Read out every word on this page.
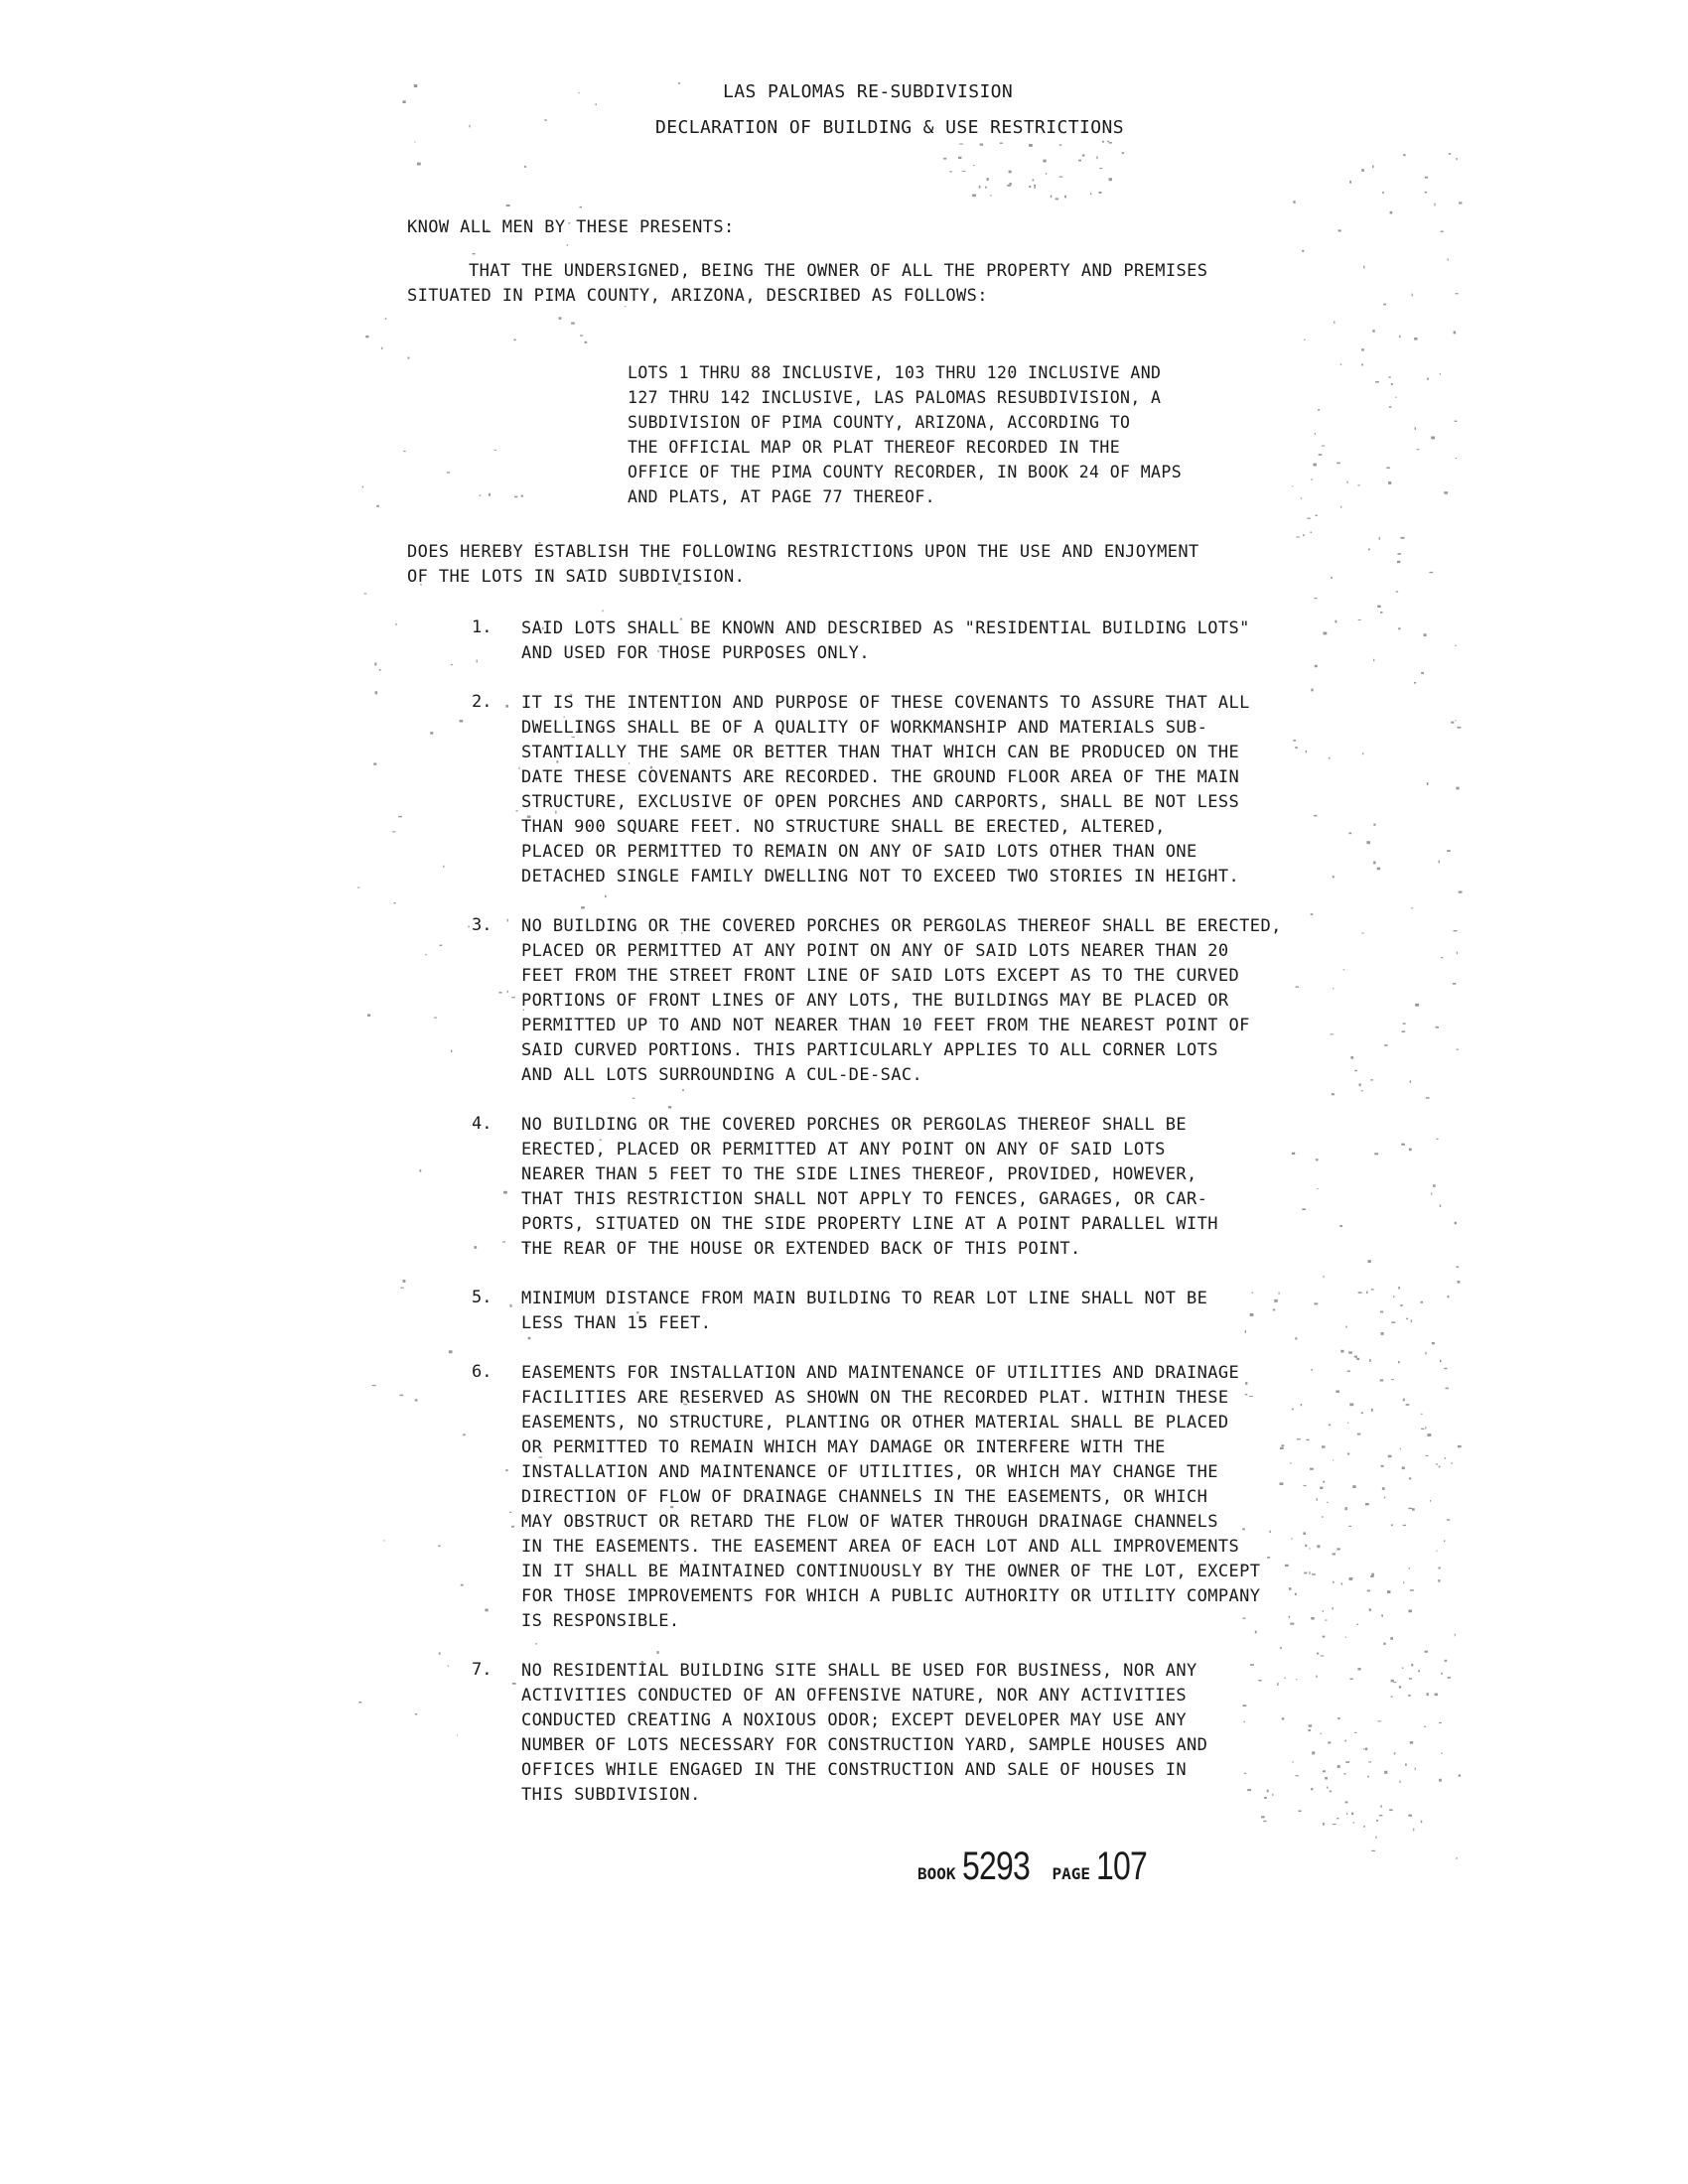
LAS PALOMAS RE-SUBDIVISION
DECLARATION OF BUILDING & USE RESTRICTIONS
KNOW ALL MEN BY THESE PRESENTS:
THAT THE UNDERSIGNED, BEING THE OWNER OF ALL THE PROPERTY AND PREMISES
SITUATED IN PIMA COUNTY, ARIZONA, DESCRIBED AS FOLLOWS:
LOTS 1 THRU 88 INCLUSIVE, 103 THRU 120 INCLUSIVE AND
127 THRU 142 INCLUSIVE, LAS PALOMAS RESUBDIVISION, A
SUBDIVISION OF PIMA COUNTY, ARIZONA, ACCORDING TO
THE OFFICIAL MAP OR PLAT THEREOF RECORDED IN THE
OFFICE OF THE PIMA COUNTY RECORDER, IN BOOK 24 OF MAPS
AND PLATS, AT PAGE 77 THEREOF.
DOES HEREBY ESTABLISH THE FOLLOWING RESTRICTIONS UPON THE USE AND ENJOYMENT
OF THE LOTS IN SAID SUBDIVISION.
1. SAID LOTS SHALL BE KNOWN AND DESCRIBED AS "RESIDENTIAL BUILDING LOTS"
AND USED FOR THOSE PURPOSES ONLY.
2. IT IS THE INTENTION AND PURPOSE OF THESE COVENANTS TO ASSURE THAT ALL
DWELLINGS SHALL BE OF A QUALITY OF WORKMANSHIP AND MATERIALS SUB-
STANTIALLY THE SAME OR BETTER THAN THAT WHICH CAN BE PRODUCED ON THE
DATE THESE COVENANTS ARE RECORDED. THE GROUND FLOOR AREA OF THE MAIN
STRUCTURE, EXCLUSIVE OF OPEN PORCHES AND CARPORTS, SHALL BE NOT LESS
THAN 900 SQUARE FEET. NO STRUCTURE SHALL BE ERECTED, ALTERED,
PLACED OR PERMITTED TO REMAIN ON ANY OF SAID LOTS OTHER THAN ONE
DETACHED SINGLE FAMILY DWELLING NOT TO EXCEED TWO STORIES IN HEIGHT.
3. NO BUILDING OR THE COVERED PORCHES OR PERGOLAS THEREOF SHALL BE ERECTED,
PLACED OR PERMITTED AT ANY POINT ON ANY OF SAID LOTS NEARER THAN 20
FEET FROM THE STREET FRONT LINE OF SAID LOTS EXCEPT AS TO THE CURVED
PORTIONS OF FRONT LINES OF ANY LOTS, THE BUILDINGS MAY BE PLACED OR
PERMITTED UP TO AND NOT NEARER THAN 10 FEET FROM THE NEAREST POINT OF
SAID CURVED PORTIONS. THIS PARTICULARLY APPLIES TO ALL CORNER LOTS
AND ALL LOTS SURROUNDING A CUL-DE-SAC.
4. NO BUILDING OR THE COVERED PORCHES OR PERGOLAS THEREOF SHALL BE
ERECTED, PLACED OR PERMITTED AT ANY POINT ON ANY OF SAID LOTS
NEARER THAN 5 FEET TO THE SIDE LINES THEREOF, PROVIDED, HOWEVER,
THAT THIS RESTRICTION SHALL NOT APPLY TO FENCES, GARAGES, OR CAR-
PORTS, SITUATED ON THE SIDE PROPERTY LINE AT A POINT PARALLEL WITH
THE REAR OF THE HOUSE OR EXTENDED BACK OF THIS POINT.
5. MINIMUM DISTANCE FROM MAIN BUILDING TO REAR LOT LINE SHALL NOT BE
LESS THAN 15 FEET.
6. EASEMENTS FOR INSTALLATION AND MAINTENANCE OF UTILITIES AND DRAINAGE
FACILITIES ARE RESERVED AS SHOWN ON THE RECORDED PLAT. WITHIN THESE
EASEMENTS, NO STRUCTURE, PLANTING OR OTHER MATERIAL SHALL BE PLACED
OR PERMITTED TO REMAIN WHICH MAY DAMAGE OR INTERFERE WITH THE
INSTALLATION AND MAINTENANCE OF UTILITIES, OR WHICH MAY CHANGE THE
DIRECTION OF FLOW OF DRAINAGE CHANNELS IN THE EASEMENTS, OR WHICH
MAY OBSTRUCT OR RETARD THE FLOW OF WATER THROUGH DRAINAGE CHANNELS
IN THE EASEMENTS. THE EASEMENT AREA OF EACH LOT AND ALL IMPROVEMENTS
IN IT SHALL BE MAINTAINED CONTINUOUSLY BY THE OWNER OF THE LOT, EXCEPT
FOR THOSE IMPROVEMENTS FOR WHICH A PUBLIC AUTHORITY OR UTILITY COMPANY
IS RESPONSIBLE.
7. NO RESIDENTIAL BUILDING SITE SHALL BE USED FOR BUSINESS, NOR ANY
ACTIVITIES CONDUCTED OF AN OFFENSIVE NATURE, NOR ANY ACTIVITIES
CONDUCTED CREATING A NOXIOUS ODOR; EXCEPT DEVELOPER MAY USE ANY
NUMBER OF LOTS NECESSARY FOR CONSTRUCTION YARD, SAMPLE HOUSES AND
OFFICES WHILE ENGAGED IN THE CONSTRUCTION AND SALE OF HOUSES IN
THIS SUBDIVISION.
BOOK 5293 PAGE 107
